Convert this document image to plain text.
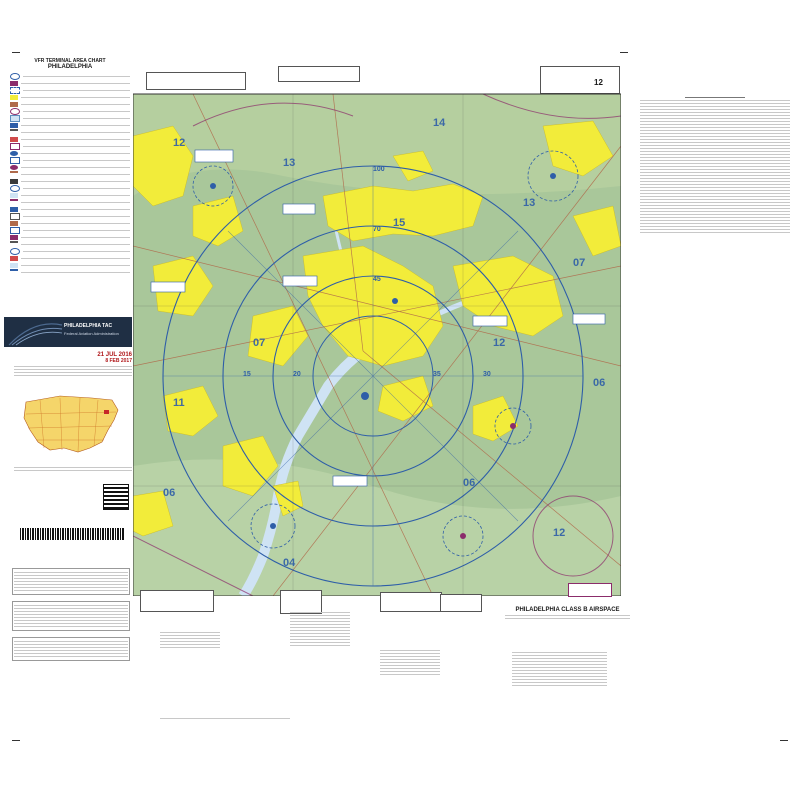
VFR TERMINAL AREA CHART
PHILADELPHIA
PHILADELPHIA TAC
Federal Aviation Administration
21 JUL 2016
8 FEB 2017
12
100
70
45
35	30
20
15
12
13
14
13
07
07	12
06
06
04
06
15
11
12
PHILADELPHIA CLASS B AIRSPACE
